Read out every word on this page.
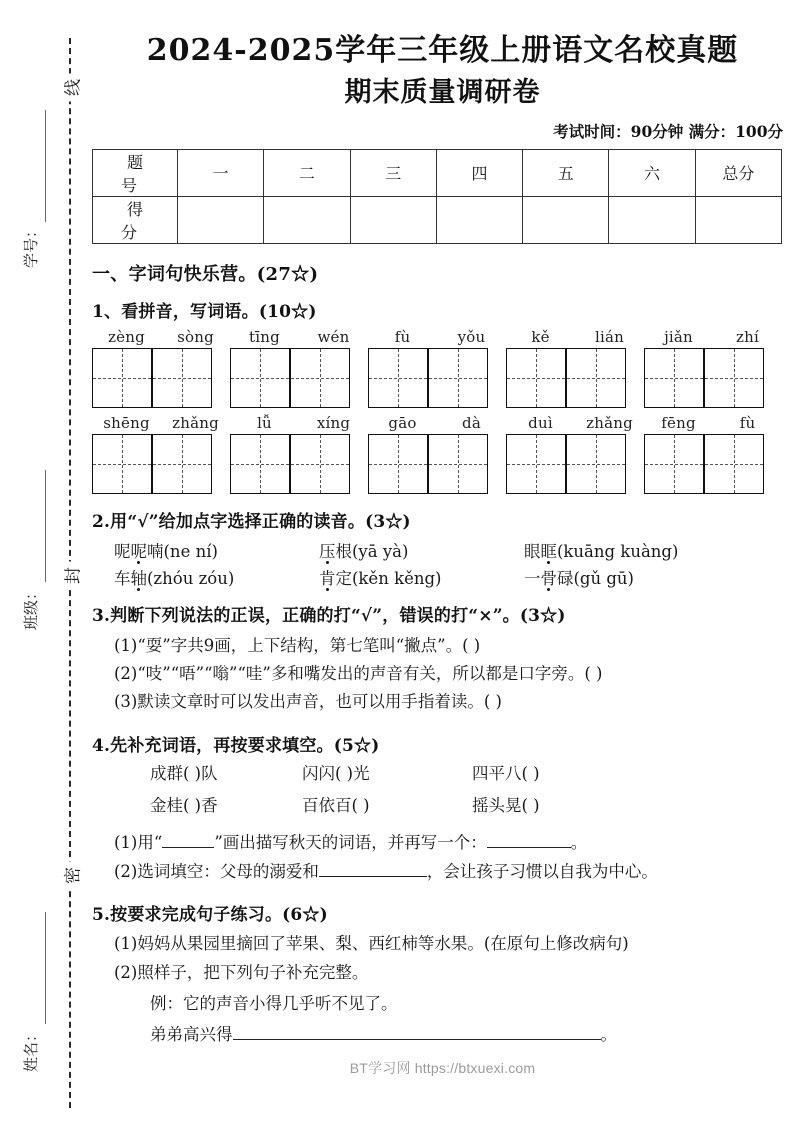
线
封
密
学号：
班级：
姓名：
2024-2025学年三年级上册语文名校真题
期末质量调研卷
考试时间：90分钟 满分：100分
题 号	一	二	三	四	五	六	总分
得 分							
一、字词句快乐营。(27☆)
1、看拼音，写词语。(10☆)
zèng	sòng	tīng	wén	fù	yǒu	kě	lián	jiǎn	zhí
shēng	zhǎng	lǚ	xíng	gāo	dà	duì	zhǎng	fēng	fù
2.用“√”给加点字选择正确的读音。(3☆)
呢呢喃(ne ní)	压根(yā yà)	眼眶(kuāng kuàng)
车轴(zhóu zóu)	肯定(kěn kěng)	一骨碌(gǔ gū)
3.判断下列说法的正误，正确的打“√”，错误的打“×”。(3☆)
(1)“耍”字共9画，上下结构，第七笔叫“撇点”。( )
(2)“吱”“唔”“嗡”“哇”多和嘴发出的声音有关，所以都是口字旁。( )
(3)默读文章时可以发出声音，也可以用手指着读。( )
4.先补充词语，再按要求填空。(5☆)
成群( )队	闪闪( )光	四平八( )
金桂( )香	百依百( )	摇头晃( )
(1)用“	”画出描写秋天的词语，并再写一个：	。
(2)选词填空：父母的溺爱和	，会让孩子习惯以自我为中心。
5.按要求完成句子练习。(6☆)
(1)妈妈从果园里摘回了苹果、梨、西红柿等水果。(在原句上修改病句)
(2)照样子，把下列句子补充完整。
例：它的声音小得几乎听不见了。
弟弟高兴得	。
BT学习网 https://btxuexi.com
